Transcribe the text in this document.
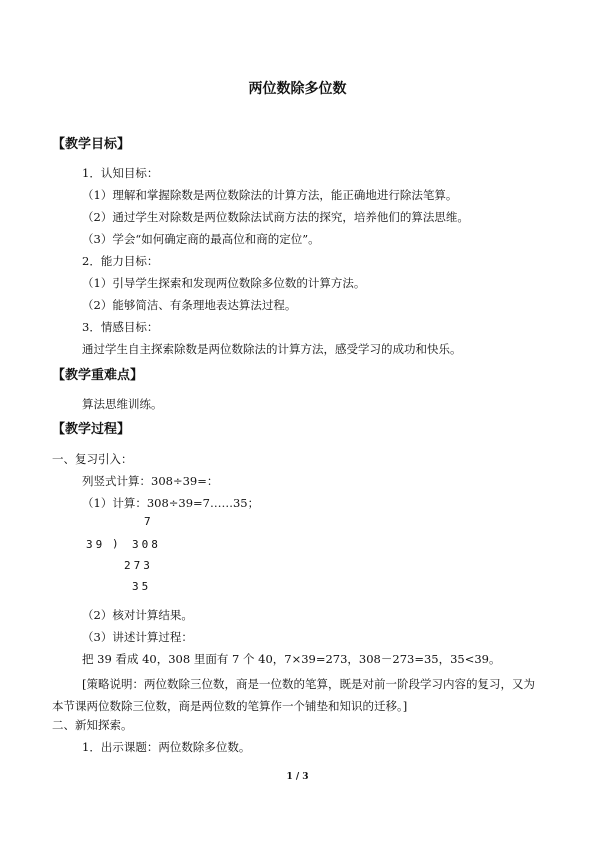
两位数除多位数
【教学目标】
1．认知目标：
（1）理解和掌握除数是两位数除法的计算方法，能正确地进行除法笔算。
（2）通过学生对除数是两位数除法试商方法的探究，培养他们的算法思维。
（3）学会“如何确定商的最高位和商的定位”。
2．能力目标：
（1）引导学生探索和发现两位数除多位数的计算方法。
（2）能够简洁、有条理地表达算法过程。
3．情感目标：
通过学生自主探索除数是两位数除法的计算方法，感受学习的成功和快乐。
【教学重难点】
算法思维训练。
【教学过程】
一、复习引入：
列竖式计算：308÷39=：
（1）计算：308÷39=7……35；
7
39 ) 308
273
35
（2）核对计算结果。
（3）讲述计算过程：
把 39 看成 40，308 里面有 7 个 40，7×39=273，308－273=35，35<39。
[策略说明：两位数除三位数，商是一位数的笔算，既是对前一阶段学习内容的复习，又为本节课两位数除三位数，商是两位数的笔算作一个铺垫和知识的迁移。]
二、新知探索。
1．出示课题：两位数除多位数。
1 / 3
